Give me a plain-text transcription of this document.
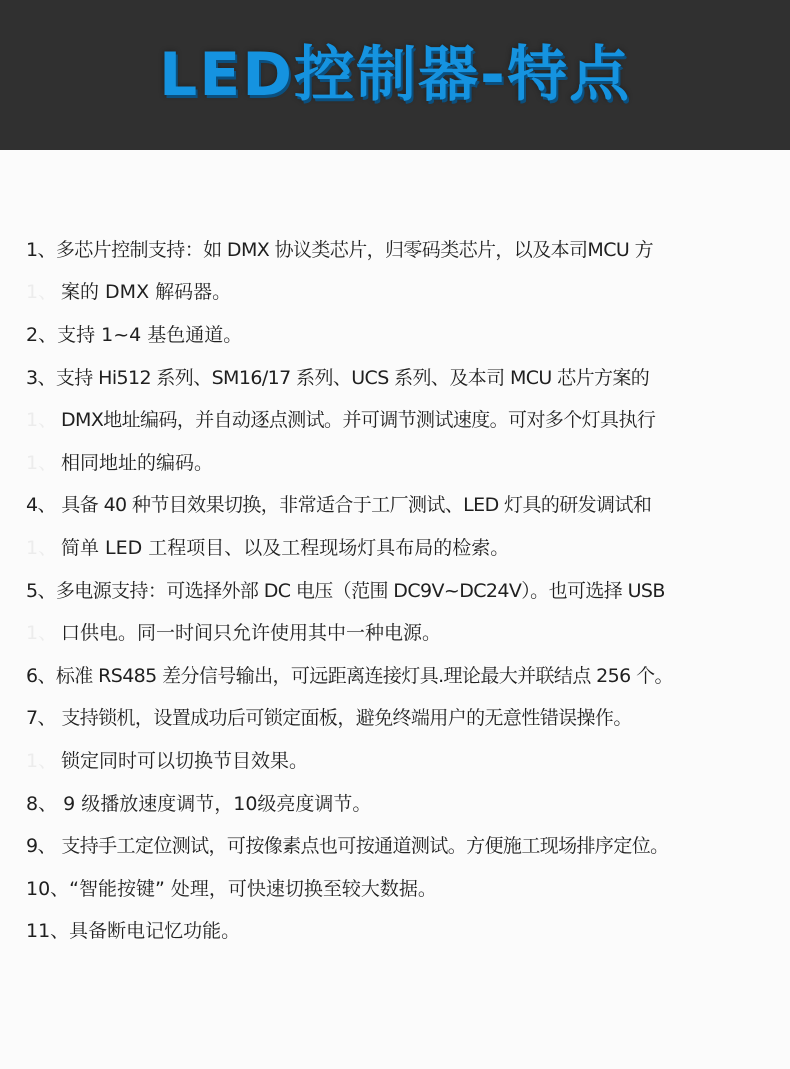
LED控制器-特点
1、多芯片控制支持：如 DMX 协议类芯片，归零码类芯片，以及本司MCU 方
1、 案的 DMX 解码器。
2、支持 1~4 基色通道。
3、支持 Hi512 系列、SM16/17 系列、UCS 系列、及本司 MCU 芯片方案的
1、 DMX地址编码，并自动逐点测试。并可调节测试速度。可对多个灯具执行
1、 相同地址的编码。
4、 具备 40 种节目效果切换，非常适合于工厂测试、LED 灯具的研发调试和
1、 简单 LED 工程项目、以及工程现场灯具布局的检索。
5、多电源支持：可选择外部 DC 电压（范围 DC9V~DC24V）。也可选择 USB
1、 口供电。同一时间只允许使用其中一种电源。
6、标准 RS485 差分信号输出，可远距离连接灯具.理论最大并联结点 256 个。
7、 支持锁机，设置成功后可锁定面板，避免终端用户的无意性错误操作。
1、 锁定同时可以切换节目效果。
8、 9 级播放速度调节，10级亮度调节。
9、 支持手工定位测试，可按像素点也可按通道测试。方便施工现场排序定位。
10、“智能按键” 处理，可快速切换至较大数据。
11、具备断电记忆功能。
